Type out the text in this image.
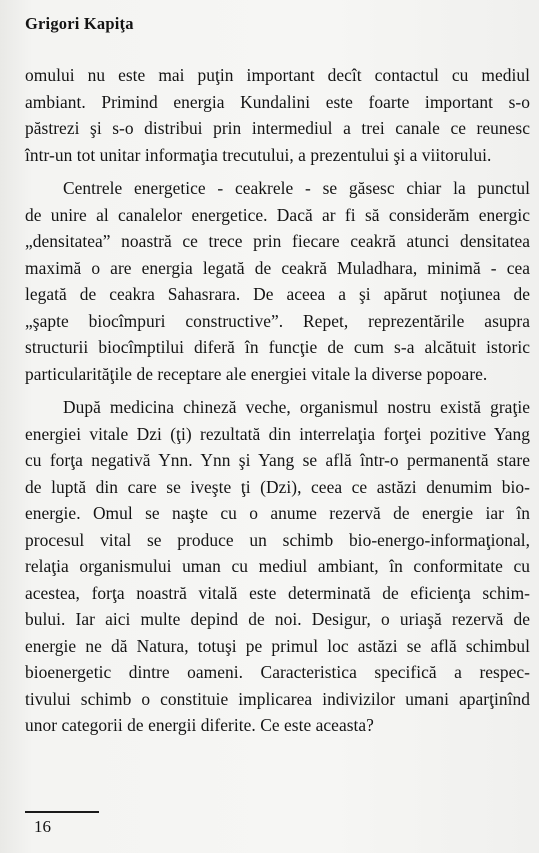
Grigori Kapiţa
omului nu este mai puţin important decît contactul cu mediul
ambiant. Primind energia Kundalini este foarte important s-o
păstrezi şi s-o distribui prin intermediul a trei canale ce reunesc
într-un tot unitar informaţia trecutului, a prezentului şi a viitorului.
Centrele energetice - ceakrele - se găsesc chiar la punctul
de unire al canalelor energetice. Dacă ar fi să considerăm energic
„densitatea” noastră ce trece prin fiecare ceakră atunci densitatea
maximă o are energia legată de ceakră Muladhara, minimă - cea
legată de ceakra Sahasrara. De aceea a şi apărut noţiunea de
„şapte biocîmpuri constructive”. Repet, reprezentările asupra
structurii biocîmptilui diferă în funcţie de cum s-a alcătuit istoric
particularităţile de receptare ale energiei vitale la diverse popoare.
După medicina chineză veche, organismul nostru există graţie
energiei vitale Dzi (ţi) rezultată din interrelaţia forţei pozitive Yang
cu forţa negativă Ynn. Ynn şi Yang se află într-o permanentă stare
de luptă din care se iveşte ţi (Dzi), ceea ce astăzi denumim bio-
energie. Omul se naşte cu o anume rezervă de energie iar în
procesul vital se produce un schimb bio-energo-informaţional,
relaţia organismului uman cu mediul ambiant, în conformitate cu
acestea, forţa noastră vitală este determinată de eficienţa schim-
bului. Iar aici multe depind de noi. Desigur, o uriaşă rezervă de
energie ne dă Natura, totuşi pe primul loc astăzi se află schimbul
bioenergetic dintre oameni. Caracteristica specifică a respec-
tivului schimb o constituie implicarea indivizilor umani aparţinînd
unor categorii de energii diferite. Ce este aceasta?
16
